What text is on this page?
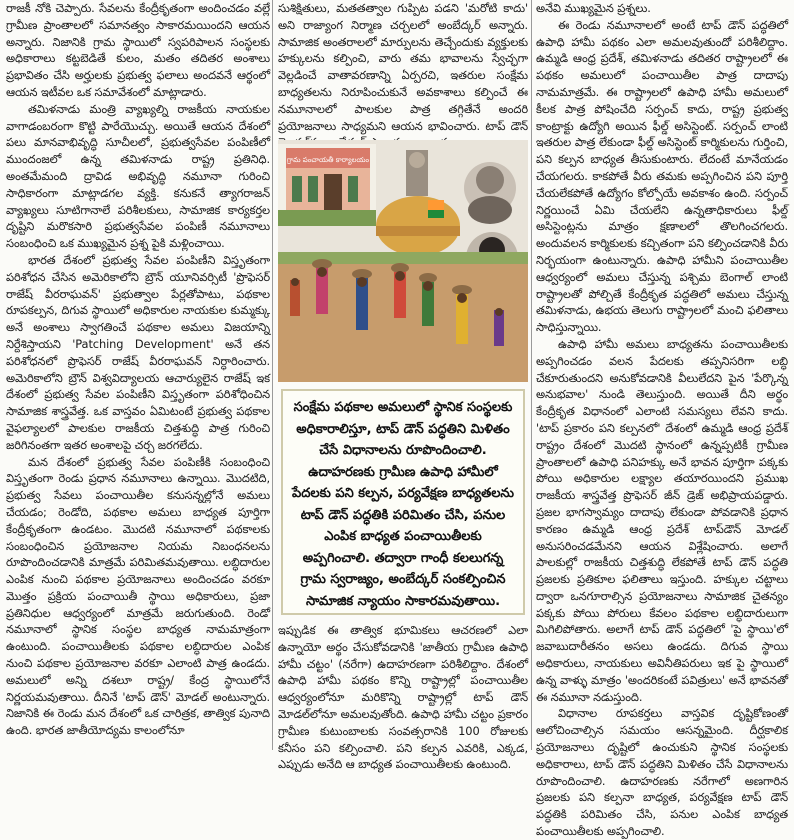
రాజకీ నోకి చెప్పారు. సేవలను కేంద్రీకృతంగా అందించడం వల్లే గ్రామీణ ప్రాంతాలలో సమానత్వం సాకారమయిందని ఆయన అన్నారు. నిజానికి గ్రామ స్థాయిలో స్వపరిపాలన సంస్థలకు అధికారాలు కట్టబెడితే కులం, మతం తదితర అంశాలు ప్రభావితం చేసి అర్హులకు ప్రభుత్వ ఫలాలు అందవనే ఆర్థంలో ఆయన ఇటీవల ఒక సమావేశంలో మాట్లాడారు.

తమిళనాడు మంత్రి వ్యాఖ్యల్ని రాజకీయ నాయకుల వాగాడంబరంగా కొట్టి పారేయొచ్చు. అయితే ఆయన దేశంలో పలు మానవాభివృద్ధి సూచీలలో, ప్రభుత్వసేవల పంపిణీలో ముందంజలో ఉన్న తమిళనాడు రాష్ట్ర ప్రతినిధి. అంతమేమంది ద్రావిడ అభివృద్ధి నమూనా గురించి సాధికారంగా మాట్లాడగల వ్యక్తి. కనుకనే త్యాగరాజన్ వ్యాఖ్యలు సూటిగానాలే పరిశీలకులు, సామాజిక కార్యకర్తల దృష్టిని మరొకసారి ప్రభుత్వసేవల పంపిణీ నమూనాలు సంబంధించి ఒక ముఖ్యమైన ప్రశ్న పైకి మళ్లించాయి.

భారత దేశంలో ప్రభుత్వ సేవల పంపిణీని విస్తృతంగా పరిశోధన చేసిన అమెరికాలోని బ్రౌన్ యూనివర్సిటీ 'ప్రొఫెసర్ రాజేష్ వీరరాఘవన్' ప్రభుత్వాల పేర్లతోపాటు, పథకాల రూపకల్పన, దిగువ స్థాయిలో అధికారుల నాయకుల కుమ్మక్కు అనే అంశాలు స్వాగతించే పథకాల అమలు విజయాన్ని నిర్దేశిస్తాయని 'Patching Development' అనే తన పరిశోధనలో ప్రొఫెసర్ రాజేష్ వీరరాఘవన్ నిర్ధారించారు. అమెరికాలోని బ్రౌన్ విశ్వవిద్యాలయ ఆచార్యులైన రాజేష్ ఇక దేశంలో ప్రభుత్వ సేవల పంపిణీని విస్తృతంగా పరిశోధించిన సామాజిక శాస్త్రవేత్త. ఒక వాస్తవం ఏమిటంటే ప్రభుత్వ పథకాల వైఫల్యాలలో పాలకుల రాజకీయ చిత్తశుద్ధి పాత్ర గురించి జరిగినంతగా ఇతర అంశాలపై చర్చ జరగలేదు.

మన దేశంలో ప్రభుత్వ సేవల పంపిణీకి సంబంధించి విస్తృతంగా రెండు ప్రధాన నమూనాలు ఉన్నాయి. మొదటిది, ప్రభుత్వ సేవలు పంచాయితీల కనుసన్నల్లోనే అమలు చేయడం; రెండోది, పథకాల అమలు బాధ్యత పూర్తిగా కేంద్రీకృతంగా ఉండటం. మొదటి నమూనాలో పథకాలకు సంబంధించిన ప్రయోజనాల నియమ నిబంధనలను రూపొందించడానికి మాత్రమే పరిమితమవుతాయి. లబ్ధిదారుల ఎంపిక నుంచి పథకాల ప్రయోజనాలు అందించడం వరకూ మొత్తం ప్రక్రియ పంచాయితీ స్థాయి అధికారులు, ప్రజా ప్రతినిధుల ఆధ్వర్యంలో మాత్రమే జరుగుతుంది. రెండో నమూనాలో స్థానిక సంస్థల బాధ్యత నామమాత్రంగా ఉంటుంది. పంచాయితీలకు పథకాల లబ్ధిదారుల ఎంపిక నుంచి పథకాల ప్రయోజనాల వరకూ ఎలాంటి పాత్ర ఉండదు. అమలులో అన్ని దశలూ రాష్ట్ర/ కేంద్ర స్థాయిలోనే నిర్ణయమవుతాయి. దీనినే 'టాప్ డౌన్' మోడల్ అంటున్నారు. నిజానికి ఈ రెండు మన దేశంలో ఒక చారిత్రక, తాత్విక పునాది ఉంది. భారత జాతీయోద్యమ కాలంలోనూ

సుశిక్షితులు, మతతత్వాల గుప్పిట పడని 'మరోటి కాదు' అని రాజ్యాంగ నిర్మాణ చర్చలలో అంబేద్కర్ అన్నారు. సామాజిక అంతరాలలో మార్పులను తెచ్చేందుకు వ్యక్తులకు హక్కులను కల్పించి, వారు తమ భావాలను స్వేచ్ఛగా వెల్లడించే వాతావరణాన్ని ఏర్పరచి, ఇతరుల సంక్షేమ బాధ్యతలను నిరూపించుకునే అవకాశాలు కల్పించే ఈ నమూనాలలో పాలకుల పాత్ర తగ్గితేనే అందరి ప్రయోజనాలు సాధ్యమని ఆయన భావించారు. టాప్ డౌన్

ఇప్పుడిక ఈ తాత్విక భూమికలు ఆచరణలో ఎలా ఉన్నాయో అర్థం చేసుకోవడానికి 'జాతీయ గ్రామీణ ఉపాధి హామీ చట్టం' (నరేగా) ఉదాహరణగా పరిశీలిద్దాం. దేశంలో ఉపాధి హామీ పథకం కొన్ని రాష్ట్రాల్లో పంచాయితీల ఆధ్వర్యంలోనూ మరికొన్ని రాష్ట్రాల్లో టాప్ డౌన్ మోడల్‌లోనూ అమలవుతోంది. ఉపాధి హామీ చట్టం ప్రకారం గ్రామీణ కుటుంబాలకు సంవత్సరానికి 100 రోజులకు కనీసం పని కల్పించాలి. పని కల్పన ఎవరికి, ఎక్కడ, ఎప్పుడు అనేది ఆ బాధ్యత పంచాయితీలకు ఉంటుంది.

గ్రామ పంచాయతీ కార్యాలయం

సంక్షేమ పథకాల అమలులో స్థానిక సంస్థలకు అధికారాలిస్తూ, టాప్ డౌన్ పద్ధతిని మిళితం చేసే విధానాలను రూపొందించాలి. ఉదాహరణకు గ్రామీణ ఉపాధి హామీలో పేదలకు పని కల్పన, పర్యవేక్షణ బాధ్యతలను టాప్ డౌన్ పద్ధతికి పరిమితం చేసి, పనుల ఎంపిక బాధ్యత పంచాయితీలకు అప్పగించాలి. తద్వారా గాంధీ కలలుగన్న గ్రామ స్వరాజ్యం, అంబేద్కర్ సంకల్పించిన సామాజిక న్యాయం సాకారమవుతాయి.

అనేవి ముఖ్యమైన ప్రశ్నలు.

ఈ రెండు నమూనాలలో అంటే టాప్ డౌన్ పద్ధతిలో ఉపాధి హామీ పథకం ఎలా అమలవుతుందో పరిశీలిద్దాం. ఉమ్మడి ఆంధ్ర ప్రదేశ్, తమిళనాడు తదితర రాష్ట్రాలలో ఈ పథకం అమలులో పంచాయితీల పాత్ర దాదాపు నామమాత్రమే. ఈ రాష్ట్రాలలో ఉపాధి హామీ అమలులో కీలక పాత్ర పోషించేది సర్పంచ్ కాదు, రాష్ట్ర ప్రభుత్వ కాంట్రాక్టు ఉద్యోగి అయిన ఫీల్డ్ అసిస్టెంట్. సర్పంచ్ లాంటి ఇతరుల పాత్ర లేకుండా ఫీల్డ్ అసిస్టెంట్ కార్మికులను గుర్తించి, పని కల్పన బాధ్యత తీసుకుంటారు. లేదంటే మానేయడం చేయగలరు. కాకపోతే వీరు తమకు అప్పగించిన పని పూర్తి చేయలేకపోతే ఉద్యోగం కోల్పోయే అవకాశం ఉంది. సర్పంచ్ నిర్ణయించే ఏమి చేయలేని ఉన్నతాధికారులు ఫీల్డ్ అసిస్టెంట్లను మాత్రం క్షణాలలో తొలగించగలరు. అందువలన కార్మికులకు కచ్చితంగా పని కల్పించడానికి వీరు నిర్భయంగా ఉంటున్నారు. ఉపాధి హామీని పంచాయితీల ఆధ్వర్యంలో అమలు చేస్తున్న పశ్చిమ బెంగాల్ లాంటి రాష్ట్రాలతో పోల్చితే కేంద్రీకృత పద్ధతిలో అమలు చేస్తున్న తమిళనాడు, ఉభయ తెలుగు రాష్ట్రాలలో మంచి ఫలితాలు సాధిస్తున్నాయి.

ఉపాధి హామీ అమలు బాధ్యతను పంచాయితీలకు అప్పగించడం వలన పేదలకు తప్పనిసరిగా లబ్ధి చేకూరుతుందని అనుకోవడానికి వీలులేదని పైన 'పేర్కొన్న అనుభవాల' నుండి తెలుస్తుంది. అయితే దీని అర్థం కేంద్రీకృత విధానంలో ఎలాంటి సమస్యలు లేవని కాదు. 'టాప్ ప్రకారం పని కల్పనలో' దేశంలో ఉమ్మడి ఆంధ్ర ప్రదేశ్ రాష్ట్రం దేశంలో మొదటి స్థానంలో ఉన్నప్పటికీ గ్రామీణ ప్రాంతాలలో ఉపాధి పనిహక్కు అనే భావన పూర్తిగా పక్కకు పోయి అధికారుల లక్ష్యాల తయారయిందని ప్రముఖ రాజకీయ శాస్త్రవేత్త ప్రొఫెసర్ జీన్ డ్రెజ్ అభిప్రాయపడ్డారు. ప్రజల భాగస్వామ్యం దాదాపు లేకుండా పోవడానికి ప్రధాన కారణం ఉమ్మడి ఆంధ్ర ప్రదేశ్ టాప్‌డౌన్ మోడల్ అనుసరించడమేనని ఆయన విశ్లేషించారు. అలాగే పాలకుల్లో రాజకీయ చిత్తశుద్ధి లేకపోతే టాప్ డౌన్ పద్ధతి ప్రజలకు ప్రతికూల ఫలితాలు ఇస్తుంది. హక్కుల చట్టాలు ద్వారా ఒనగూరాల్సిన ప్రయోజనాలు సామాజిక చైతన్యం పక్కకు పోయి పోరులు కేవలం పథకాల లబ్ధిదారులుగా మిగిలిపోతారు. అలాగే టాప్ డౌన్ పద్ధతిలో 'పై స్థాయి'లో జవాబుదారీతనం అసలు ఉండదు. దిగువ స్థాయి అధికారులు, నాయకులు అవినీతిపరులు ఇక పై స్థాయిలో ఉన్న వాళ్ళు మాత్రం 'అందరికంటే పవిత్రులు' అనే భావనతో ఈ నమూనా నడుస్తుంది.

విధానాల రూపకర్తలు వాస్తవిక దృష్టికోణంతో ఆలోచించాల్సిన సమయం ఆసన్నమైంది. దీర్ఘకాలిక ప్రయోజనాలు దృష్టిలో ఉంచుకుని స్థానిక సంస్థలకు అధికారాలు, టాప్ డౌన్ పద్ధతిని మిళితం చేసే విధానాలను రూపొందించాలి. ఉదాహరణకు నరేగాలో అణగారిన ప్రజలకు పని కల్పనా బాధ్యత, పర్యవేక్షణ టాప్ డౌన్ పద్ధతికి పరిమితం చేసి, పనుల ఎంపిక బాధ్యత పంచాయితీలకు అప్పగించాలి.
